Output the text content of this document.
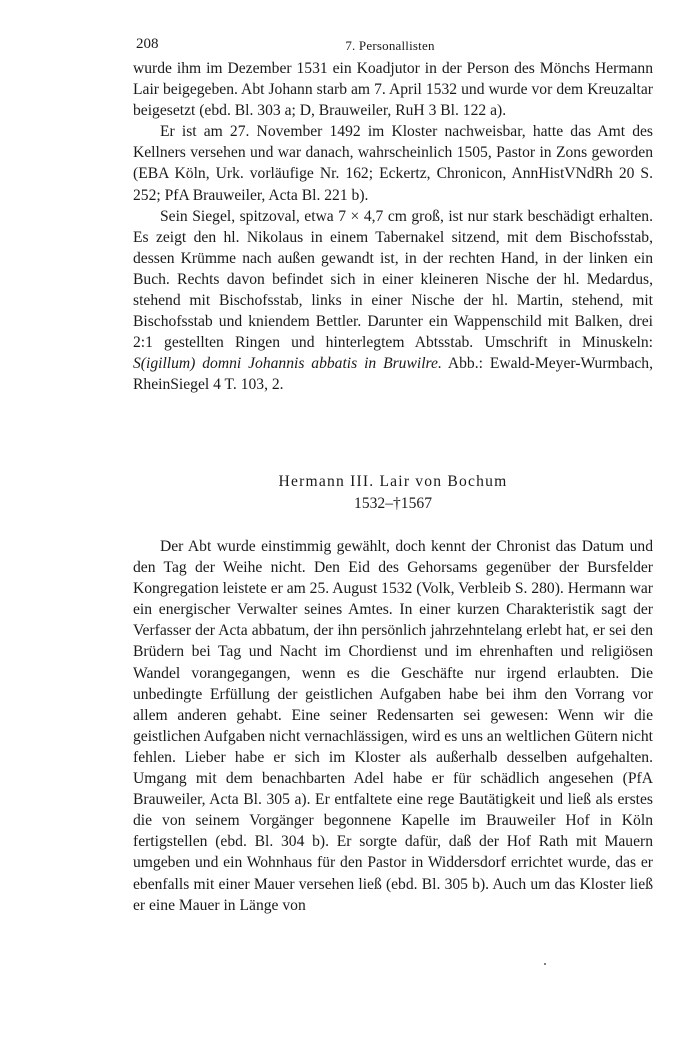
208	7. Personallisten

wurde ihm im Dezember 1531 ein Koadjutor in der Person des Mönchs Hermann Lair beigegeben. Abt Johann starb am 7. April 1532 und wurde vor dem Kreuzaltar beigesetzt (ebd. Bl. 303 a; D, Brauweiler, RuH 3 Bl. 122 a).

Er ist am 27. November 1492 im Kloster nachweisbar, hatte das Amt des Kellners versehen und war danach, wahrscheinlich 1505, Pastor in Zons geworden (EBA Köln, Urk. vorläufige Nr. 162; Eckertz, Chronicon, AnnHistVNdRh 20 S. 252; PfA Brauweiler, Acta Bl. 221 b).

Sein Siegel, spitzoval, etwa 7 × 4,7 cm groß, ist nur stark beschädigt erhalten. Es zeigt den hl. Nikolaus in einem Tabernakel sitzend, mit dem Bischofsstab, dessen Krümme nach außen gewandt ist, in der rechten Hand, in der linken ein Buch. Rechts davon befindet sich in einer kleineren Nische der hl. Medardus, stehend mit Bischofsstab, links in einer Nische der hl. Martin, stehend, mit Bischofsstab und kniendem Bettler. Darunter ein Wappenschild mit Balken, drei 2:1 gestellten Ringen und hinterlegtem Abtsstab. Umschrift in Minuskeln: S(igillum) domni Johannis abbatis in Bruwilre. Abb.: Ewald-Meyer-Wurmbach, RheinSiegel 4 T. 103, 2.

Hermann III. Lair von Bochum
1532–†1567

Der Abt wurde einstimmig gewählt, doch kennt der Chronist das Datum und den Tag der Weihe nicht. Den Eid des Gehorsams gegenüber der Bursfelder Kongregation leistete er am 25. August 1532 (Volk, Verbleib S. 280). Hermann war ein energischer Verwalter seines Amtes. In einer kurzen Charakteristik sagt der Verfasser der Acta abbatum, der ihn persönlich jahrzehntelang erlebt hat, er sei den Brüdern bei Tag und Nacht im Chordienst und im ehrenhaften und religiösen Wandel vorangegangen, wenn es die Geschäfte nur irgend erlaubten. Die unbedingte Erfüllung der geistlichen Aufgaben habe bei ihm den Vorrang vor allem anderen gehabt. Eine seiner Redensarten sei gewesen: Wenn wir die geistlichen Aufgaben nicht vernachlässigen, wird es uns an weltlichen Gütern nicht fehlen. Lieber habe er sich im Kloster als außerhalb desselben aufgehalten. Umgang mit dem benachbarten Adel habe er für schädlich angesehen (PfA Brauweiler, Acta Bl. 305 a). Er entfaltete eine rege Bautätigkeit und ließ als erstes die von seinem Vorgänger begonnene Kapelle im Brauweiler Hof in Köln fertigstellen (ebd. Bl. 304 b). Er sorgte dafür, daß der Hof Rath mit Mauern umgeben und ein Wohnhaus für den Pastor in Widdersdorf errichtet wurde, das er ebenfalls mit einer Mauer versehen ließ (ebd. Bl. 305 b). Auch um das Kloster ließ er eine Mauer in Länge von
